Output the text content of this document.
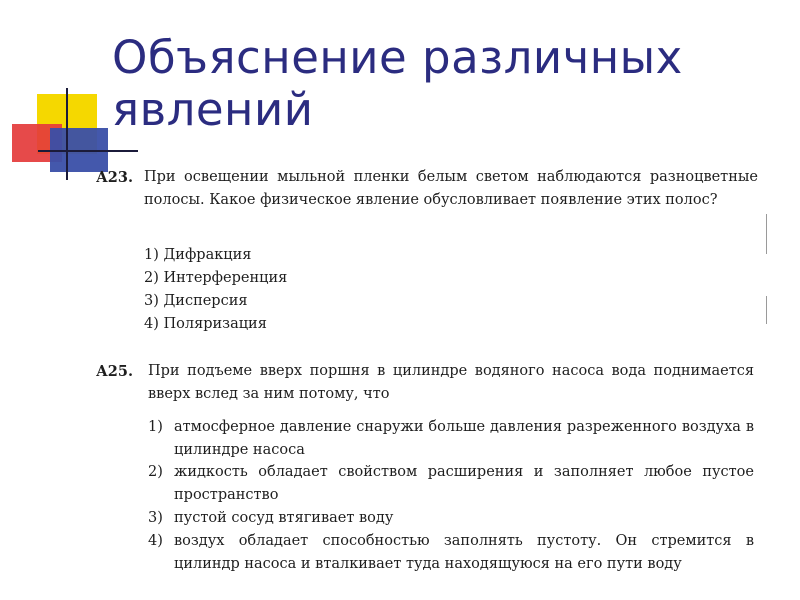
Объяснение различных явлений
А23. При освещении мыльной пленки белым светом наблюдаются разноцветные полосы. Какое физическое явление обусловливает появление этих полос?
1) Дифракция
2) Интерференция
3) Дисперсия
4) Поляризация
А25. При подъеме вверх поршня в цилиндре водяного насоса вода поднимается вверх вслед за ним потому, что
1) атмосферное давление снаружи больше давления разреженного воздуха в цилиндре насоса
2) жидкость обладает свойством расширения и заполняет любое пустое пространство
3) пустой сосуд втягивает воду
4) воздух обладает способностью заполнять пустоту. Он стремится в цилиндр насоса и вталкивает туда находящуюся на его пути воду
